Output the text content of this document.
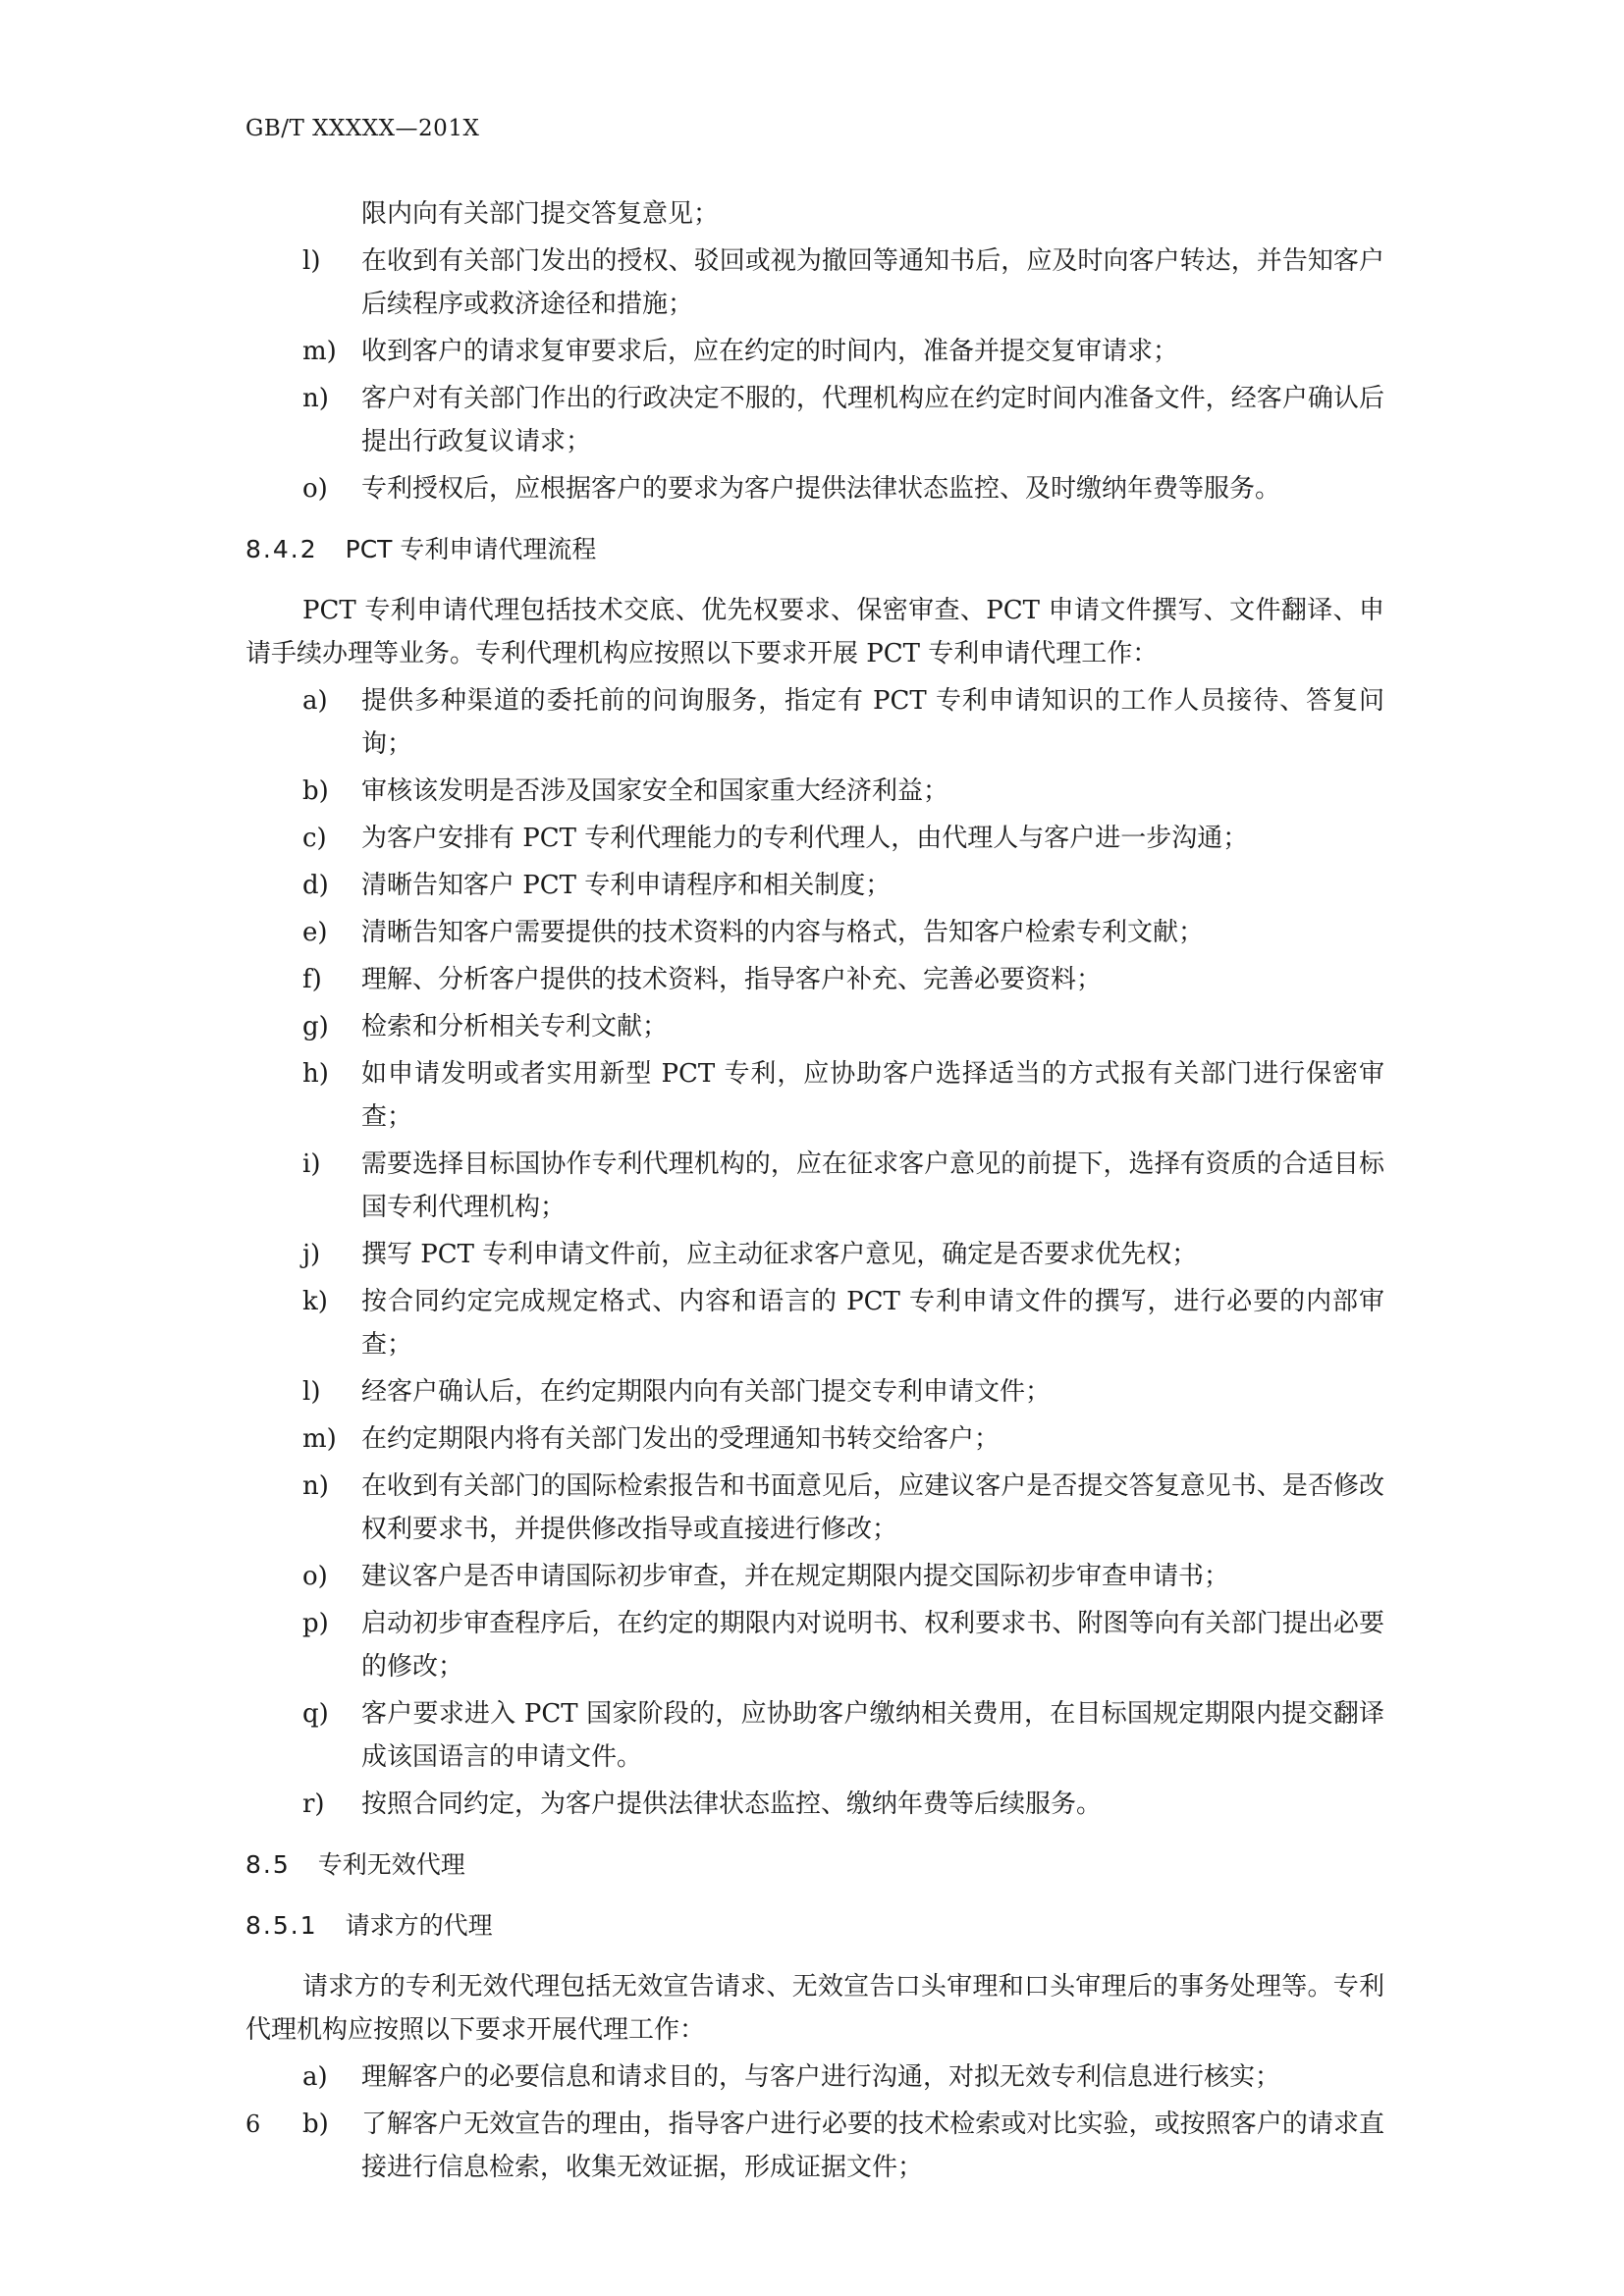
GB/T XXXXX—201X
限内向有关部门提交答复意见；
l)	在收到有关部门发出的授权、驳回或视为撤回等通知书后，应及时向客户转达，并告知客户后续程序或救济途径和措施；
m) 收到客户的请求复审要求后，应在约定的时间内，准备并提交复审请求；
n)	客户对有关部门作出的行政决定不服的，代理机构应在约定时间内准备文件，经客户确认后提出行政复议请求；
o)	专利授权后，应根据客户的要求为客户提供法律状态监控、及时缴纳年费等服务。
8.4.2 PCT 专利申请代理流程
PCT 专利申请代理包括技术交底、优先权要求、保密审查、PCT 申请文件撰写、文件翻译、申请手续办理等业务。专利代理机构应按照以下要求开展 PCT 专利申请代理工作：
a)	提供多种渠道的委托前的问询服务，指定有 PCT 专利申请知识的工作人员接待、答复问询；
b)	审核该发明是否涉及国家安全和国家重大经济利益；
c)	为客户安排有 PCT 专利代理能力的专利代理人，由代理人与客户进一步沟通；
d)	清晰告知客户 PCT 专利申请程序和相关制度；
e)	清晰告知客户需要提供的技术资料的内容与格式，告知客户检索专利文献；
f)	理解、分析客户提供的技术资料，指导客户补充、完善必要资料；
g)	检索和分析相关专利文献；
h)	如申请发明或者实用新型 PCT 专利，应协助客户选择适当的方式报有关部门进行保密审查；
i)	需要选择目标国协作专利代理机构的，应在征求客户意见的前提下，选择有资质的合适目标国专利代理机构；
j)	撰写 PCT 专利申请文件前，应主动征求客户意见，确定是否要求优先权；
k)	按合同约定完成规定格式、内容和语言的 PCT 专利申请文件的撰写，进行必要的内部审查；
l)	经客户确认后，在约定期限内向有关部门提交专利申请文件；
m) 在约定期限内将有关部门发出的受理通知书转交给客户；
n)	在收到有关部门的国际检索报告和书面意见后，应建议客户是否提交答复意见书、是否修改权利要求书，并提供修改指导或直接进行修改；
o)	建议客户是否申请国际初步审查，并在规定期限内提交国际初步审查申请书；
p)	启动初步审查程序后，在约定的期限内对说明书、权利要求书、附图等向有关部门提出必要的修改；
q)	客户要求进入 PCT 国家阶段的，应协助客户缴纳相关费用，在目标国规定期限内提交翻译成该国语言的申请文件。
r)	按照合同约定，为客户提供法律状态监控、缴纳年费等后续服务。
8.5 专利无效代理
8.5.1 请求方的代理
请求方的专利无效代理包括无效宣告请求、无效宣告口头审理和口头审理后的事务处理等。专利代理机构应按照以下要求开展代理工作：
a)	理解客户的必要信息和请求目的，与客户进行沟通，对拟无效专利信息进行核实；
b)	了解客户无效宣告的理由，指导客户进行必要的技术检索或对比实验，或按照客户的请求直接进行信息检索，收集无效证据，形成证据文件；
6
